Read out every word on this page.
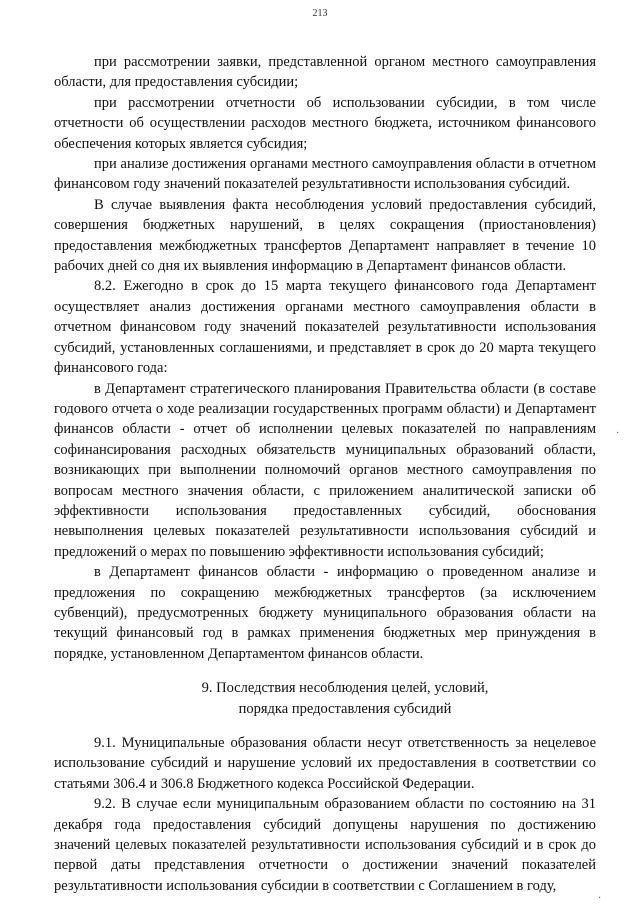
213

при рассмотрении заявки, представленной органом местного самоуправления области, для предоставления субсидии;

при рассмотрении отчетности об использовании субсидии, в том числе отчетности об осуществлении расходов местного бюджета, источником финансового обеспечения которых является субсидия;

при анализе достижения органами местного самоуправления области в отчетном финансовом году значений показателей результативности использования субсидий.

В случае выявления факта несоблюдения условий предоставления субсидий, совершения бюджетных нарушений, в целях сокращения (приостановления) предоставления межбюджетных трансфертов Департамент направляет в течение 10 рабочих дней со дня их выявления информацию в Департамент финансов области.

8.2. Ежегодно в срок до 15 марта текущего финансового года Департамент осуществляет анализ достижения органами местного самоуправления области в отчетном финансовом году значений показателей результативности использования субсидий, установленных соглашениями, и представляет в срок до 20 марта текущего финансового года:

в Департамент стратегического планирования Правительства области (в составе годового отчета о ходе реализации государственных программ области) и Департамент финансов области - отчет об исполнении целевых показателей по направлениям софинансирования расходных обязательств муниципальных образований области, возникающих при выполнении полномочий органов местного самоуправления по вопросам местного значения области, с приложением аналитической записки об эффективности использования предоставленных субсидий, обоснования невыполнения целевых показателей результативности использования субсидий и предложений о мерах по повышению эффективности использования субсидий;

в Департамент финансов области - информацию о проведенном анализе и предложения по сокращению межбюджетных трансфертов (за исключением субвенций), предусмотренных бюджету муниципального образования области на текущий финансовый год в рамках применения бюджетных мер принуждения в порядке, установленном Департаментом финансов области.

9. Последствия несоблюдения целей, условий,
порядка предоставления субсидий

9.1. Муниципальные образования области несут ответственность за нецелевое использование субсидий и нарушение условий их предоставления в соответствии со статьями 306.4 и 306.8 Бюджетного кодекса Российской Федерации.

9.2. В случае если муниципальным образованием области по состоянию на 31 декабря года предоставления субсидий допущены нарушения по достижению значений целевых показателей результативности использования субсидий и в срок до первой даты представления отчетности о достижении значений показателей результативности использования субсидии в соответствии с Соглашением в году,

·
·
